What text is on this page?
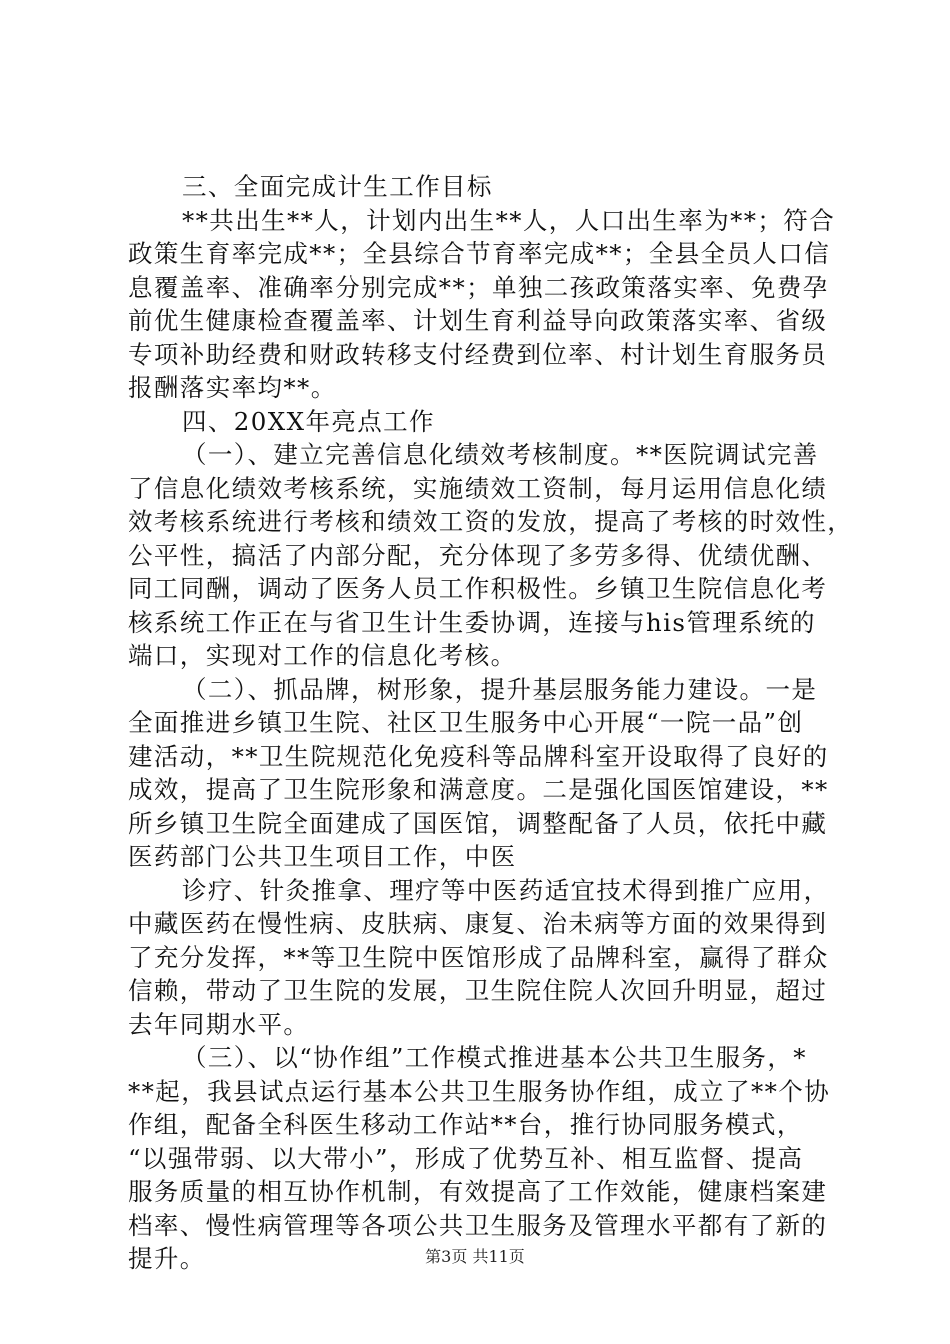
三、全面完成计生工作目标

**共出生**人，计划内出生**人，人口出生率为**；符合

政策生育率完成**；全县综合节育率完成**；全县全员人口信

息覆盖率、准确率分别完成**；单独二孩政策落实率、免费孕

前优生健康检查覆盖率、计划生育利益导向政策落实率、省级

专项补助经费和财政转移支付经费到位率、村计划生育服务员

报酬落实率均**。

四、20XX年亮点工作

（一）、建立完善信息化绩效考核制度。**医院调试完善

了信息化绩效考核系统，实施绩效工资制，每月运用信息化绩

效考核系统进行考核和绩效工资的发放，提高了考核的时效性，

公平性，搞活了内部分配，充分体现了多劳多得、优绩优酬、

同工同酬，调动了医务人员工作积极性。乡镇卫生院信息化考

核系统工作正在与省卫生计生委协调，连接与his管理系统的

端口，实现对工作的信息化考核。

（二）、抓品牌，树形象，提升基层服务能力建设。一是

全面推进乡镇卫生院、社区卫生服务中心开展“一院一品”创

建活动，**卫生院规范化免疫科等品牌科室开设取得了良好的

成效，提高了卫生院形象和满意度。二是强化国医馆建设，**

所乡镇卫生院全面建成了国医馆，调整配备了人员，依托中藏

医药部门公共卫生项目工作，中医

诊疗、针灸推拿、理疗等中医药适宜技术得到推广应用，

中藏医药在慢性病、皮肤病、康复、治未病等方面的效果得到

了充分发挥，**等卫生院中医馆形成了品牌科室，赢得了群众

信赖，带动了卫生院的发展，卫生院住院人次回升明显，超过

去年同期水平。

（三）、以“协作组”工作模式推进基本公共卫生服务，*

**起，我县试点运行基本公共卫生服务协作组，成立了**个协

作组，配备全科医生移动工作站**台，推行协同服务模式，

“以强带弱、以大带小”，形成了优势互补、相互监督、提高

服务质量的相互协作机制，有效提高了工作效能，健康档案建

档率、慢性病管理等各项公共卫生服务及管理水平都有了新的

提升。	第3页 共11页
